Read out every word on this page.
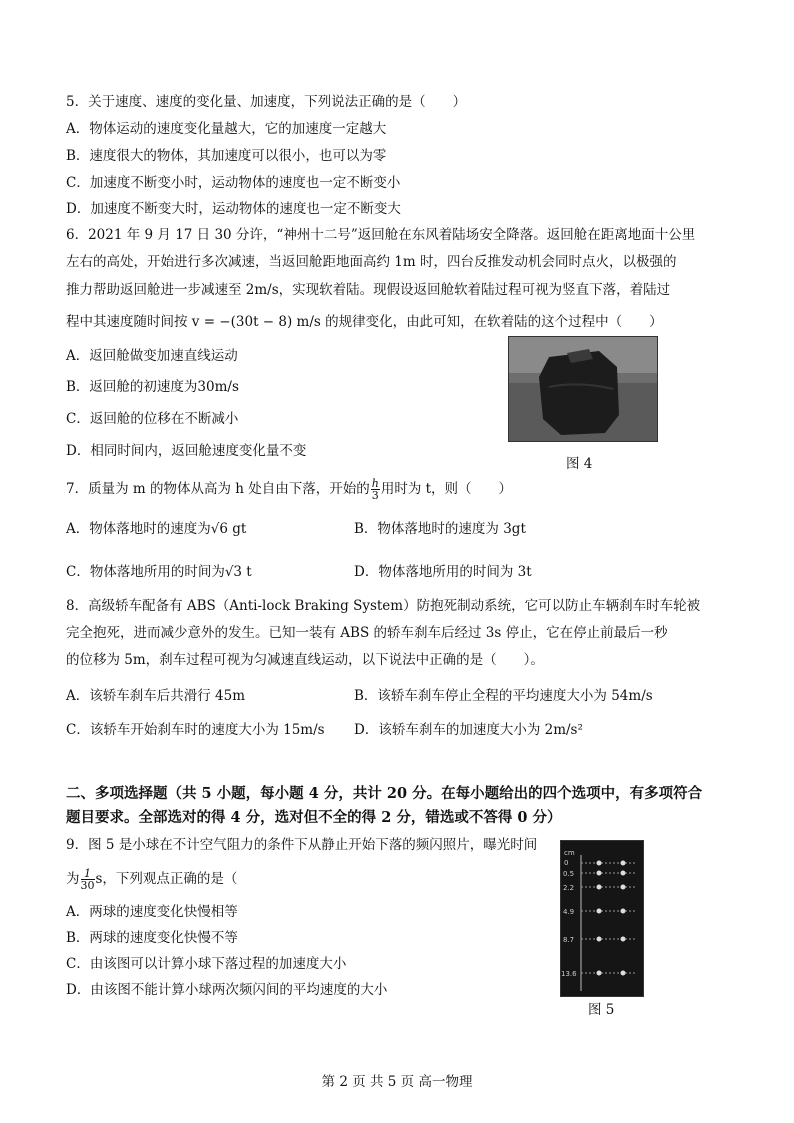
5．关于速度、速度的变化量、加速度，下列说法正确的是（　　）
A．物体运动的速度变化量越大，它的加速度一定越大
B．速度很大的物体，其加速度可以很小，也可以为零
C．加速度不断变小时，运动物体的速度也一定不断变小
D．加速度不断变大时，运动物体的速度也一定不断变大
6．2021 年 9 月 17 日 30 分许，“神州十二号”返回舱在东风着陆场安全降落。返回舱在距离地面十公里
左右的高处，开始进行多次减速，当返回舱距地面高约 1m 时，四台反推发动机会同时点火，以极强的
推力帮助返回舱进一步减速至 2m/s，实现软着陆。现假设返回舱软着陆过程可视为竖直下落，着陆过
程中其速度随时间按 v = −(30t − 8) m/s 的规律变化，由此可知，在软着陆的这个过程中（　　）
A．返回舱做变加速直线运动
B．返回舱的初速度为30m/s
C．返回舱的位移在不断减小
D．相同时间内，返回舱速度变化量不变
图 4
7．质量为 m 的物体从高为 h 处自由下落，开始的 $\frac{h}{3}$ 用时为 t，则（　　）
A．物体落地时的速度为√6 gt	B．物体落地时的速度为 3gt
C．物体落地所用的时间为√3 t	D．物体落地所用的时间为 3t
8．高级轿车配备有 ABS（Anti-lock Braking System）防抱死制动系统，它可以防止车辆刹车时车轮被
完全抱死，进而减少意外的发生。已知一装有 ABS 的轿车刹车后经过 3s 停止，它在停止前最后一秒
的位移为 5m，刹车过程可视为匀减速直线运动，以下说法中正确的是（　　）。
A．该轿车刹车后共滑行 45m	B．该轿车刹车停止全程的平均速度大小为 54m/s
C．该轿车开始刹车时的速度大小为 15m/s D．该轿车刹车的加速度大小为 2m/s²
二、多项选择题（共 5 小题，每小题 4 分，共计 20 分。在每小题给出的四个选项中，有多项符合
题目要求。全部选对的得 4 分，选对但不全的得 2 分，错选或不答得 0 分）
9．图 5 是小球在不计空气阻力的条件下从静止开始下落的频闪照片，曝光时间
为 $\frac{1}{30}$ s，下列观点正确的是（
A．两球的速度变化快慢相等
B．两球的速度变化快慢不等
C．由该图可以计算小球下落过程的加速度大小
D．由该图不能计算小球两次频闪间的平均速度的大小
cm
0
0.5
2.2
4.9
8.7
13.6
图 5
第 2 页 共 5 页 高一物理
